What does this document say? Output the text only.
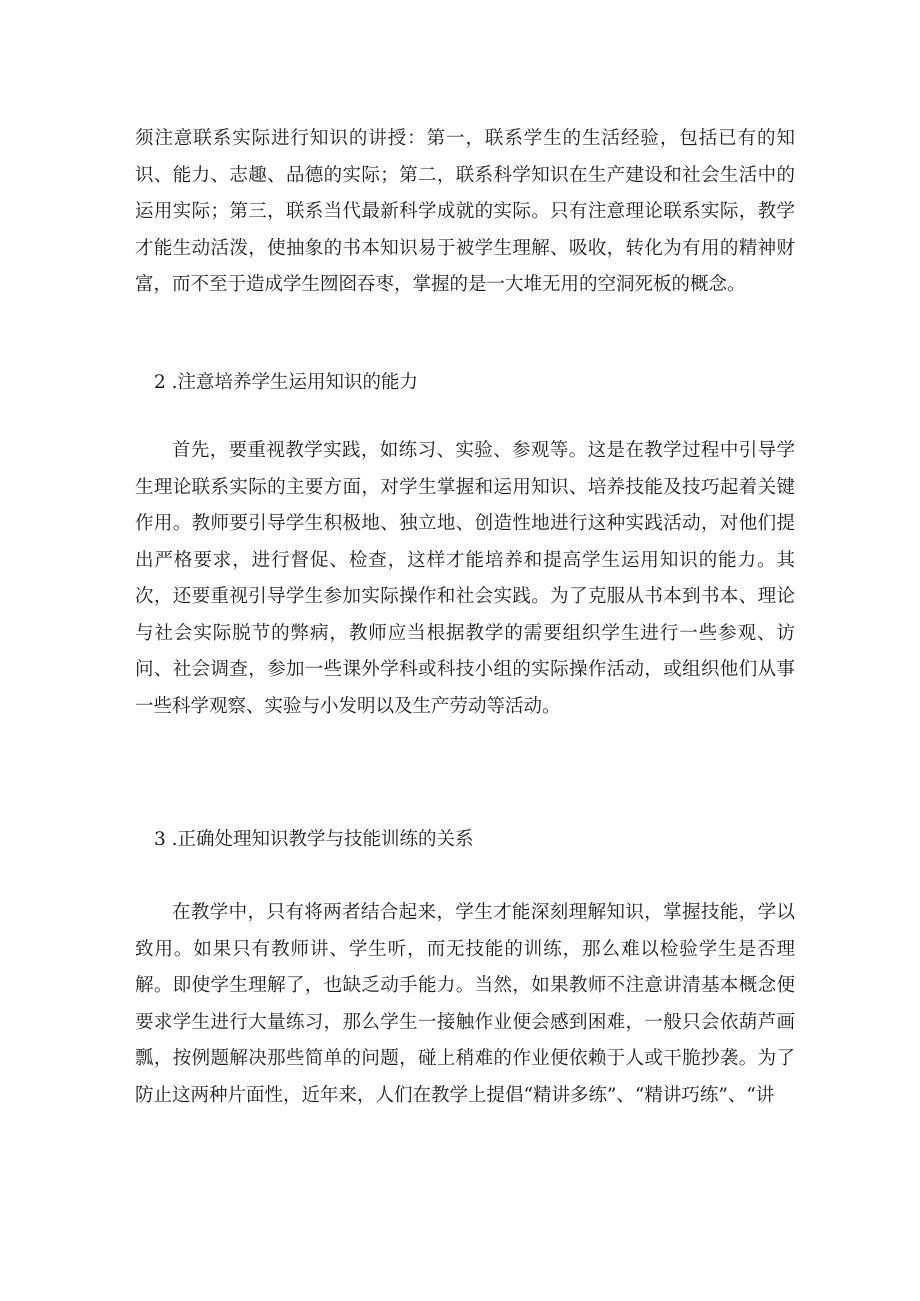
须注意联系实际进行知识的讲授：第一，联系学生的生活经验，包括已有的知识、能力、志趣、品德的实际；第二，联系科学知识在生产建设和社会生活中的运用实际；第三，联系当代最新科学成就的实际。只有注意理论联系实际，教学才能生动活泼，使抽象的书本知识易于被学生理解、吸收，转化为有用的精神财富，而不至于造成学生囫囵吞枣，掌握的是一大堆无用的空洞死板的概念。

2 .注意培养学生运用知识的能力

首先，要重视教学实践，如练习、实验、参观等。这是在教学过程中引导学生理论联系实际的主要方面，对学生掌握和运用知识、培养技能及技巧起着关键作用。教师要引导学生积极地、独立地、创造性地进行这种实践活动，对他们提出严格要求，进行督促、检查，这样才能培养和提高学生运用知识的能力。其次，还要重视引导学生参加实际操作和社会实践。为了克服从书本到书本、理论与社会实际脱节的弊病，教师应当根据教学的需要组织学生进行一些参观、访问、社会调查，参加一些课外学科或科技小组的实际操作活动，或组织他们从事一些科学观察、实验与小发明以及生产劳动等活动。

3 .正确处理知识教学与技能训练的关系

在教学中，只有将两者结合起来，学生才能深刻理解知识，掌握技能，学以致用。如果只有教师讲、学生听，而无技能的训练，那么难以检验学生是否理解。即使学生理解了，也缺乏动手能力。当然，如果教师不注意讲清基本概念便要求学生进行大量练习，那么学生一接触作业便会感到困难，一般只会依葫芦画瓢，按例题解决那些简单的问题，碰上稍难的作业便依赖于人或干脆抄袭。为了防止这两种片面性，近年来，人们在教学上提倡“精讲多练”、“精讲巧练”、“讲
